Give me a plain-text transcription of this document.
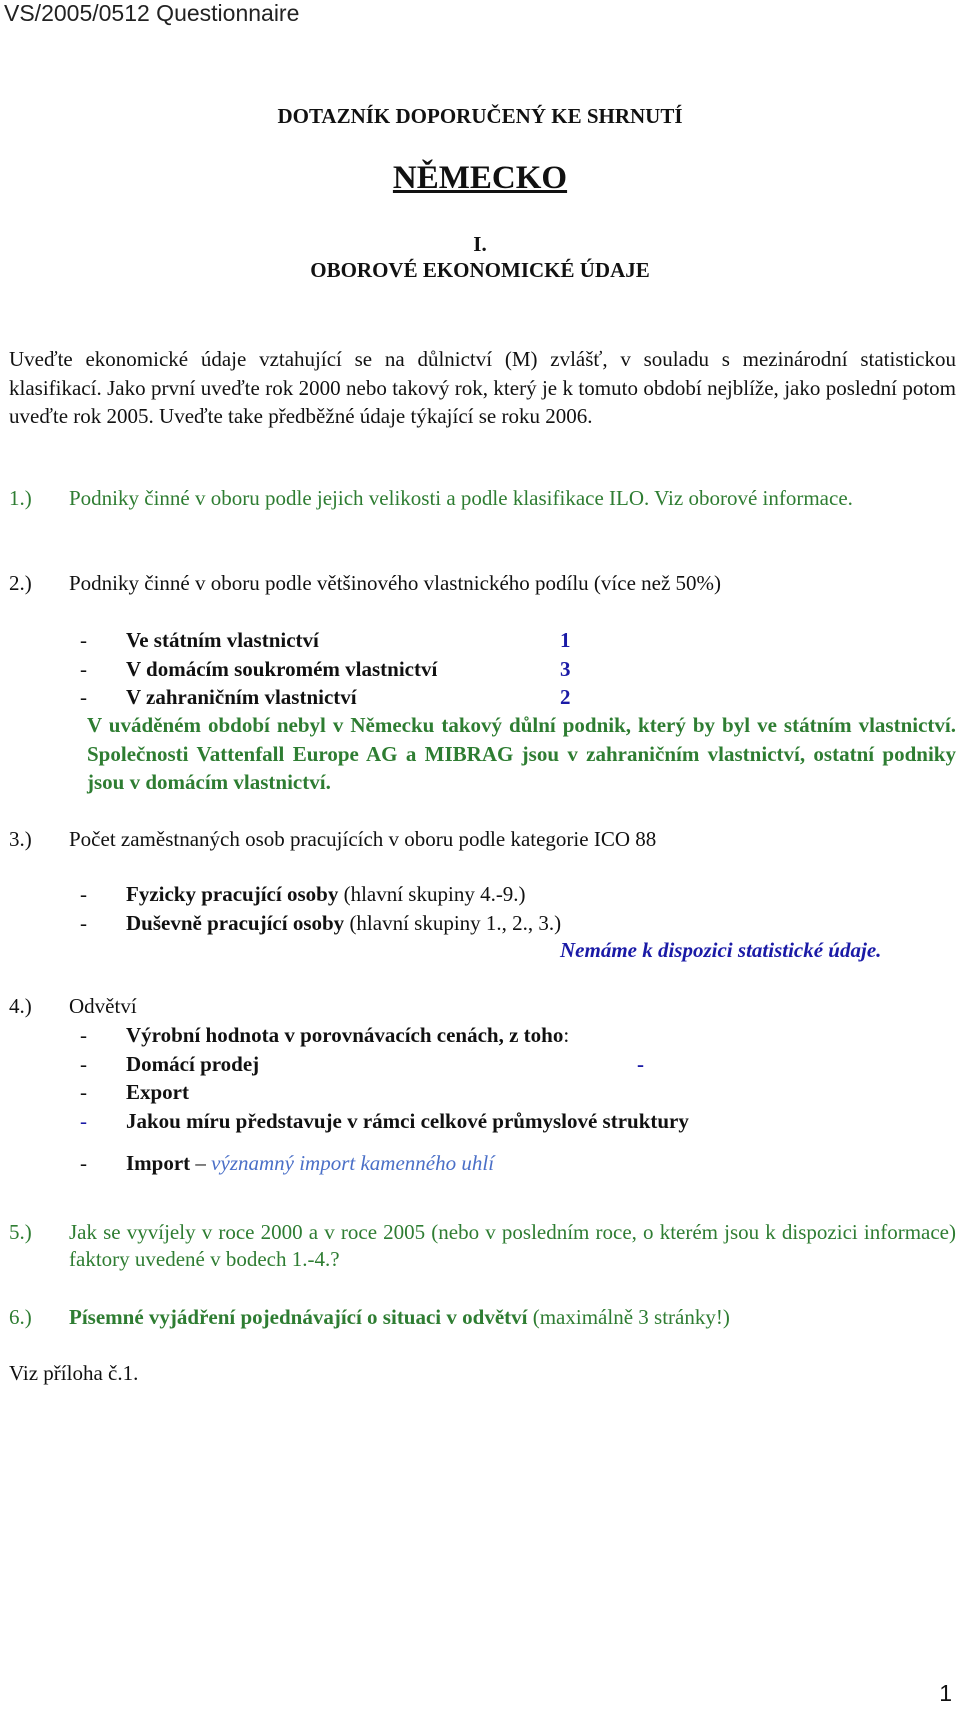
VS/2005/0512 Questionnaire
DOTAZNÍK DOPORUČENÝ KE SHRNUTÍ
NĚMECKO
I.
OBOROVÉ EKONOMICKÉ ÚDAJE
Uveďte ekonomické údaje vztahující se na důlnictví (M) zvlášť, v souladu s mezinárodní statistickou klasifikací. Jako první uveďte rok 2000 nebo takový rok, který je k tomuto období nejblíže, jako poslední potom uveďte rok 2005. Uveďte take předběžné údaje týkající se roku 2006.
1.) Podniky činné v oboru podle jejich velikosti a podle klasifikace ILO. Viz oborové informace.
2.) Podniky činné v oboru podle většinového vlastnického podílu (více než 50%)
- Ve státním vlastnictví	1
- V domácím soukromém vlastnictví	3
- V zahraničním vlastnictví	2
V uváděném období nebyl v Německu takový důlní podnik, který by byl ve státním vlastnictví. Společnosti Vattenfall Europe AG a MIBRAG jsou v zahraničním vlastnictví, ostatní podniky jsou v domácím vlastnictví.
3.) Počet zaměstnaných osob pracujících v oboru podle kategorie ICO 88
- Fyzicky pracující osoby (hlavní skupiny 4.-9.)
- Duševně pracující osoby (hlavní skupiny 1., 2., 3.)
Nemáme k dispozici statistické údaje.
4.) Odvětví
- Výrobní hodnota v porovnávacích cenách, z toho:
- Domácí prodej	-
- Export
- Jakou míru představuje v rámci celkové průmyslové struktury
- Import – významný import kamenného uhlí
5.) Jak se vyvíjely v roce 2000 a v roce 2005 (nebo v posledním roce, o kterém jsou k dispozici informace) faktory uvedené v bodech 1.-4.?
6.) Písemné vyjádření pojednávající o situaci v odvětví (maximálně 3 stránky!)
Viz příloha č.1.
1
